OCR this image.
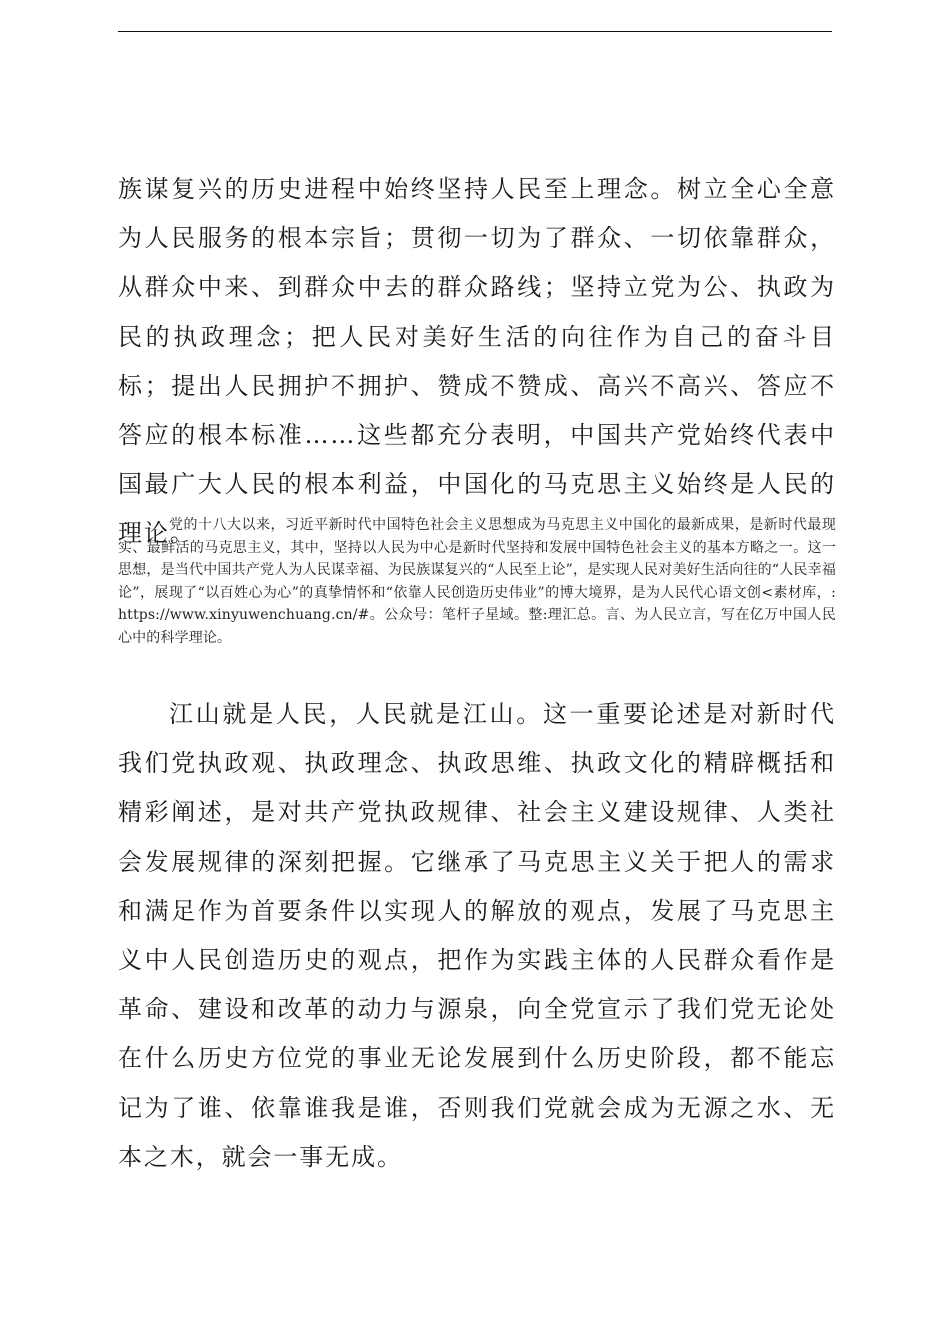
族谋复兴的历史进程中始终坚持人民至上理念。树立全心全意为人民服务的根本宗旨；贯彻一切为了群众、一切依靠群众，从群众中来、到群众中去的群众路线；坚持立党为公、执政为民的执政理念；把人民对美好生活的向往作为自己的奋斗目标；提出人民拥护不拥护、赞成不赞成、高兴不高兴、答应不答应的根本标准……这些都充分表明，中国共产党始终代表中国最广大人民的根本利益，中国化的马克思主义始终是人民的理论。

党的十八大以来，习近平新时代中国特色社会主义思想成为马克思主义中国化的最新成果，是新时代最现实、最鲜活的马克思主义，其中，坚持以人民为中心是新时代坚持和发展中国特色社会主义的基本方略之一。这一思想，是当代中国共产党人为人民谋幸福、为民族谋复兴的“人民至上论”，是实现人民对美好生活向往的“人民幸福论”，展现了“以百姓心为心”的真挚情怀和“依靠人民创造历史伟业”的博大境界，是为人民代心语文创<素材库，: https://www.xinyuwenchuang.cn/#。公众号：笔杆子星域。整:理汇总。言、为人民立言，写在亿万中国人民心中的科学理论。

江山就是人民，人民就是江山。这一重要论述是对新时代我们党执政观、执政理念、执政思维、执政文化的精辟概括和精彩阐述，是对共产党执政规律、社会主义建设规律、人类社会发展规律的深刻把握。它继承了马克思主义关于把人的需求和满足作为首要条件以实现人的解放的观点，发展了马克思主义中人民创造历史的观点，把作为实践主体的人民群众看作是革命、建设和改革的动力与源泉，向全党宣示了我们党无论处在什么历史方位党的事业无论发展到什么历史阶段，都不能忘记为了谁、依靠谁我是谁，否则我们党就会成为无源之水、无本之木，就会一事无成。
